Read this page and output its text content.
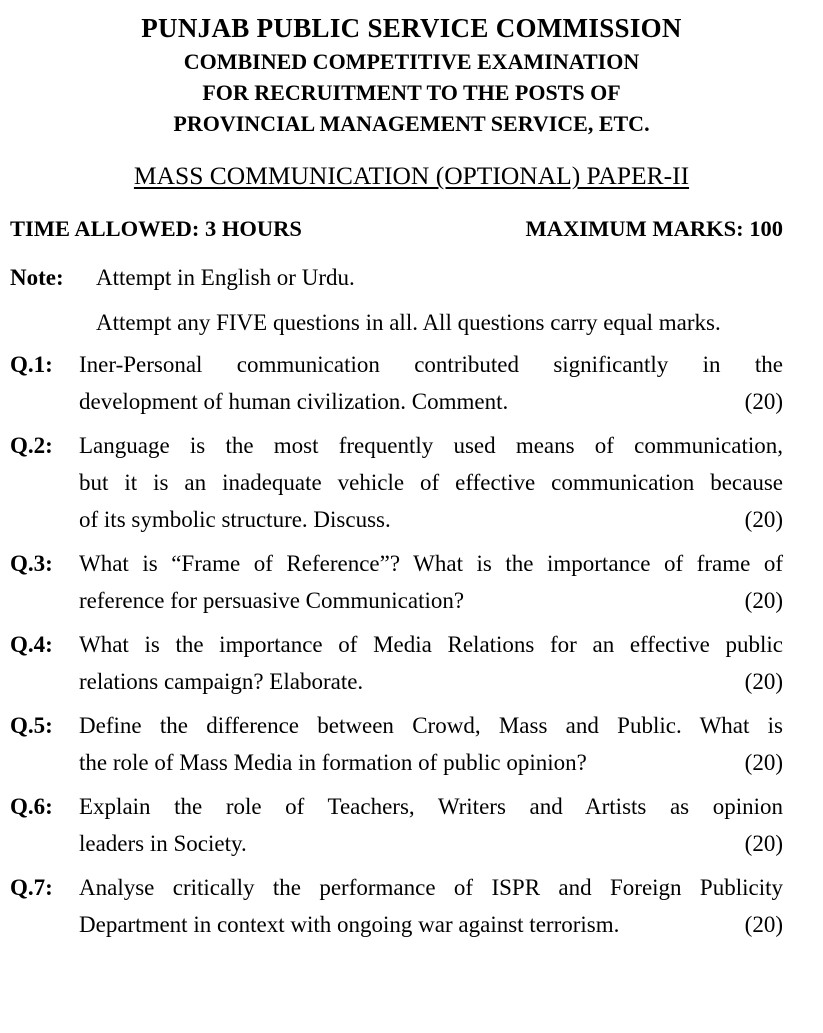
PUNJAB PUBLIC SERVICE COMMISSION
COMBINED COMPETITIVE EXAMINATION
FOR RECRUITMENT TO THE POSTS OF
PROVINCIAL MANAGEMENT SERVICE, ETC.
MASS COMMUNICATION (OPTIONAL) PAPER-II
TIME ALLOWED: 3 HOURS	MAXIMUM MARKS: 100
Note:	Attempt in English or Urdu.

Attempt any FIVE questions in all. All questions carry equal marks.

Q.1:	Iner-Personal communication contributed significantly in the
development of human civilization. Comment.	(20)
Q.2:	Language is the most frequently used means of communication,
but it is an inadequate vehicle of effective communication because
of its symbolic structure. Discuss.	(20)
Q.3:	What is “Frame of Reference”? What is the importance of frame of
reference for persuasive Communication?	(20)
Q.4:	What is the importance of Media Relations for an effective public
relations campaign? Elaborate.	(20)
Q.5:	Define the difference between Crowd, Mass and Public. What is
the role of Mass Media in formation of public opinion?	(20)
Q.6:	Explain the role of Teachers, Writers and Artists as opinion
leaders in Society.	(20)
Q.7:	Analyse critically the performance of ISPR and Foreign Publicity
Department in context with ongoing war against terrorism.	(20)
